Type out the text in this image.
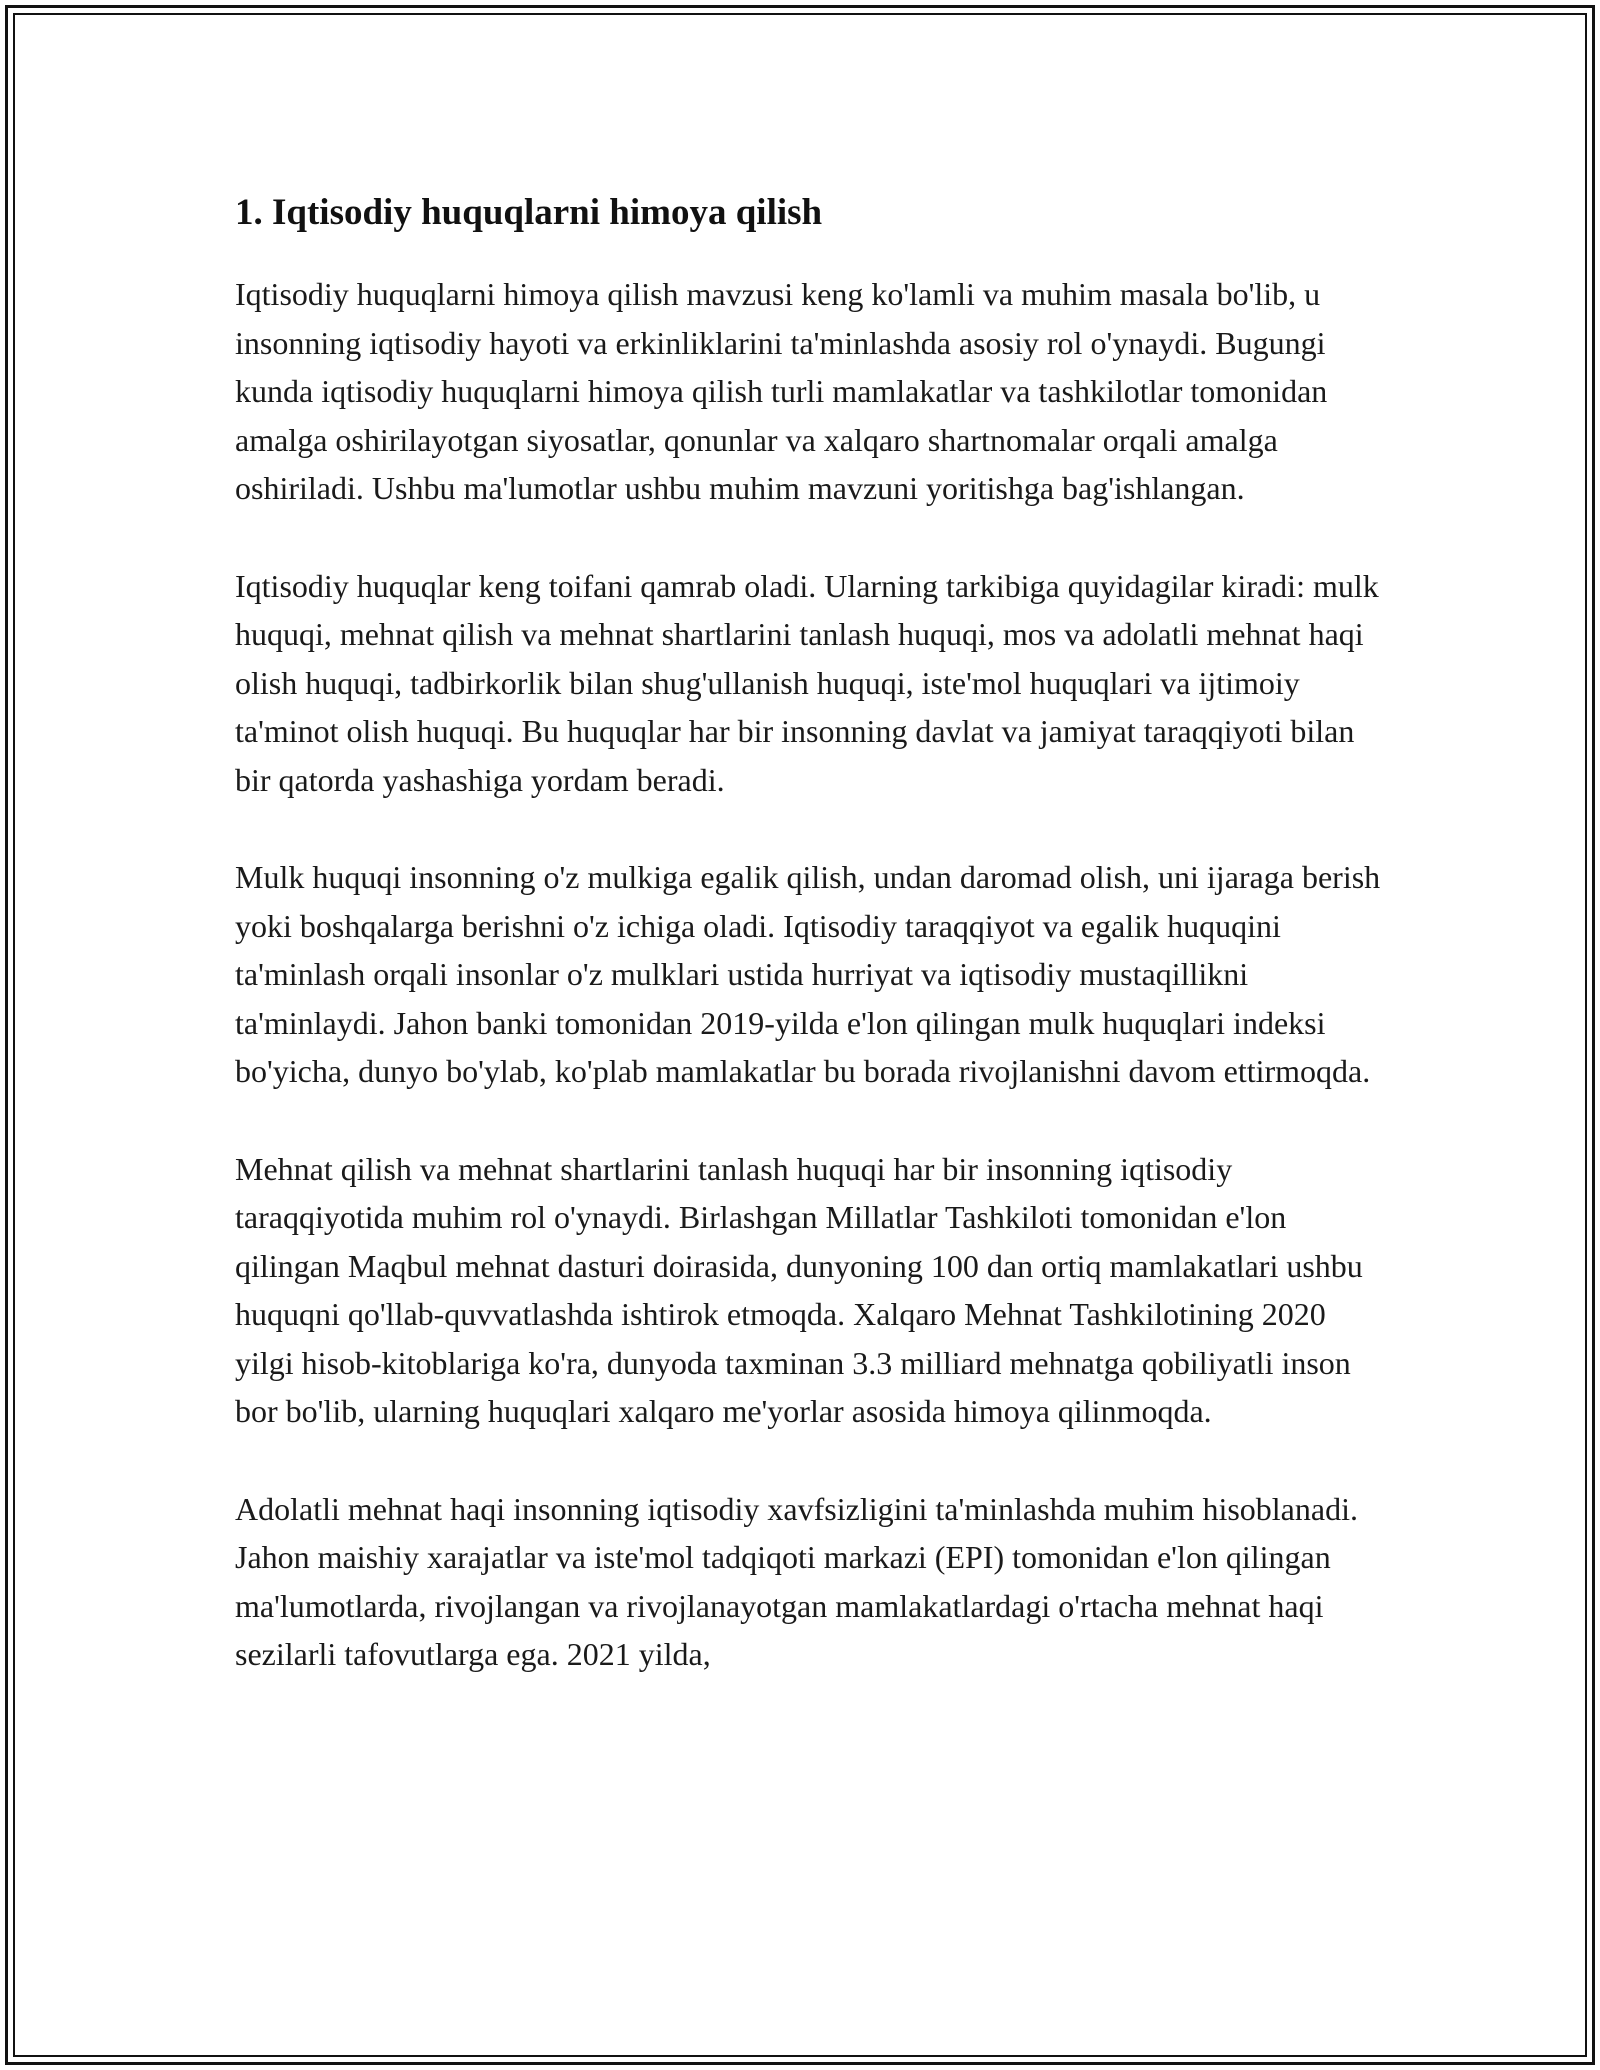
1. Iqtisodiy huquqlarni himoya qilish

Iqtisodiy huquqlarni himoya qilish mavzusi keng ko'lamli va muhim masala bo'lib, u insonning iqtisodiy hayoti va erkinliklarini ta'minlashda asosiy rol o'ynaydi. Bugungi kunda iqtisodiy huquqlarni himoya qilish turli mamlakatlar va tashkilotlar tomonidan amalga oshirilayotgan siyosatlar, qonunlar va xalqaro shartnomalar orqali amalga oshiriladi. Ushbu ma'lumotlar ushbu muhim mavzuni yoritishga bag'ishlangan.

Iqtisodiy huquqlar keng toifani qamrab oladi. Ularning tarkibiga quyidagilar kiradi: mulk huquqi, mehnat qilish va mehnat shartlarini tanlash huquqi, mos va adolatli mehnat haqi olish huquqi, tadbirkorlik bilan shug'ullanish huquqi, iste'mol huquqlari va ijtimoiy ta'minot olish huquqi. Bu huquqlar har bir insonning davlat va jamiyat taraqqiyoti bilan bir qatorda yashashiga yordam beradi.

Mulk huquqi insonning o'z mulkiga egalik qilish, undan daromad olish, uni ijaraga berish yoki boshqalarga berishni o'z ichiga oladi. Iqtisodiy taraqqiyot va egalik huquqini ta'minlash orqali insonlar o'z mulklari ustida hurriyat va iqtisodiy mustaqillikni ta'minlaydi. Jahon banki tomonidan 2019-yilda e'lon qilingan mulk huquqlari indeksi bo'yicha, dunyo bo'ylab, ko'plab mamlakatlar bu borada rivojlanishni davom ettirmoqda.

Mehnat qilish va mehnat shartlarini tanlash huquqi har bir insonning iqtisodiy taraqqiyotida muhim rol o'ynaydi. Birlashgan Millatlar Tashkiloti tomonidan e'lon qilingan Maqbul mehnat dasturi doirasida, dunyoning 100 dan ortiq mamlakatlari ushbu huquqni qo'llab-quvvatlashda ishtirok etmoqda. Xalqaro Mehnat Tashkilotining 2020 yilgi hisob-kitoblariga ko'ra, dunyoda taxminan 3.3 milliard mehnatga qobiliyatli inson bor bo'lib, ularning huquqlari xalqaro me'yorlar asosida himoya qilinmoqda.

Adolatli mehnat haqi insonning iqtisodiy xavfsizligini ta'minlashda muhim hisoblanadi. Jahon maishiy xarajatlar va iste'mol tadqiqoti markazi (EPI) tomonidan e'lon qilingan ma'lumotlarda, rivojlangan va rivojlanayotgan mamlakatlardagi o'rtacha mehnat haqi sezilarli tafovutlarga ega. 2021 yilda,
